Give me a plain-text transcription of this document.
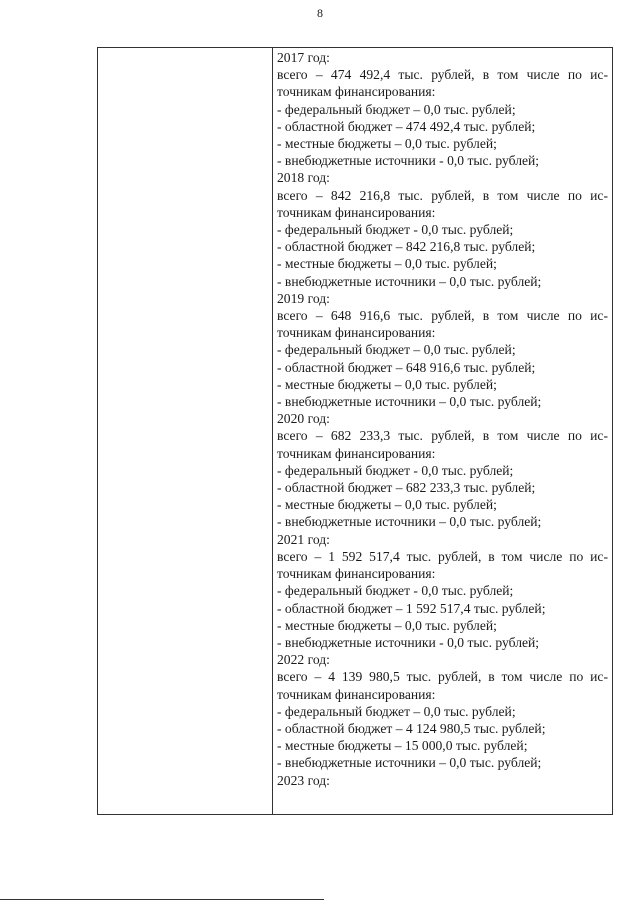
8
2017 год:
всего – 474 492,4 тыс. рублей, в том числе по ис-
точникам финансирования:
- федеральный бюджет – 0,0 тыс. рублей;
- областной бюджет – 474 492,4 тыс. рублей;
- местные бюджеты – 0,0 тыс. рублей;
- внебюджетные источники - 0,0 тыс. рублей;
2018 год:
всего – 842 216,8 тыс. рублей, в том числе по ис-
точникам финансирования:
- федеральный бюджет - 0,0 тыс. рублей;
- областной бюджет – 842 216,8 тыс. рублей;
- местные бюджеты – 0,0 тыс. рублей;
- внебюджетные источники – 0,0 тыс. рублей;
2019 год:
всего – 648 916,6 тыс. рублей, в том числе по ис-
точникам финансирования:
- федеральный бюджет – 0,0 тыс. рублей;
- областной бюджет – 648 916,6 тыс. рублей;
- местные бюджеты – 0,0 тыс. рублей;
- внебюджетные источники – 0,0 тыс. рублей;
2020 год:
всего – 682 233,3 тыс. рублей, в том числе по ис-
точникам финансирования:
- федеральный бюджет - 0,0 тыс. рублей;
- областной бюджет – 682 233,3 тыс. рублей;
- местные бюджеты – 0,0 тыс. рублей;
- внебюджетные источники – 0,0 тыс. рублей;
2021 год:
всего – 1 592 517,4 тыс. рублей, в том числе по ис-
точникам финансирования:
- федеральный бюджет - 0,0 тыс. рублей;
- областной бюджет – 1 592 517,4 тыс. рублей;
- местные бюджеты – 0,0 тыс. рублей;
- внебюджетные источники - 0,0 тыс. рублей;
2022 год:
всего – 4 139 980,5 тыс. рублей, в том числе по ис-
точникам финансирования:
- федеральный бюджет – 0,0 тыс. рублей;
- областной бюджет – 4 124 980,5 тыс. рублей;
- местные бюджеты – 15 000,0 тыс. рублей;
- внебюджетные источники – 0,0 тыс. рублей;
2023 год:
